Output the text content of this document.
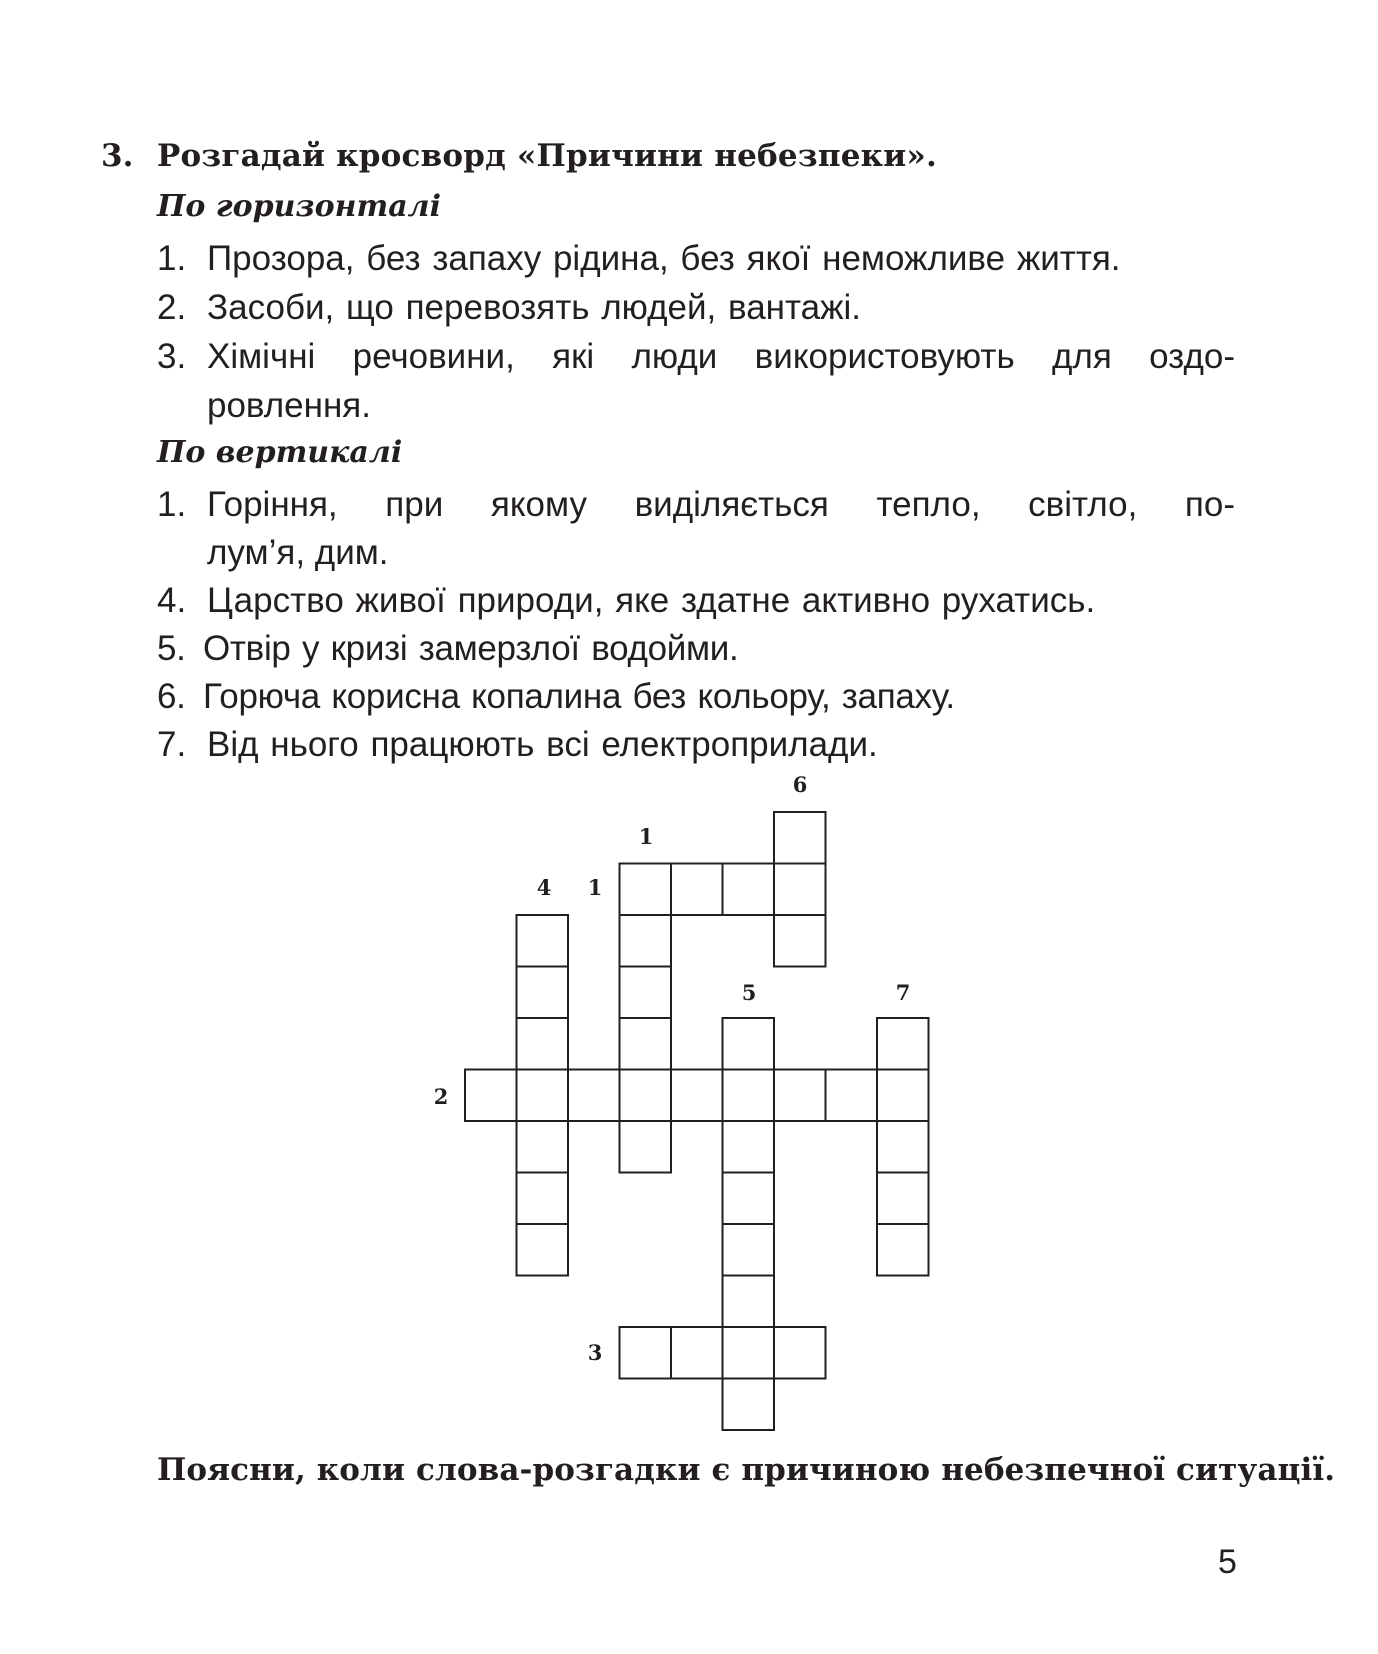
3. Розгадай кросворд «Причини небезпеки».
По горизонталі
1. Прозора, без запаху рідина, без якої неможливе життя.
2. Засоби, що перевозять людей, вантажі.
3. Хімічні речовини, які люди використовують для оздо-
ровлення.
По вертикалі
1. Горіння, при якому виділяється тепло, світло, по-
лум’я, дим.
4. Царство живої природи, яке здатне активно рухатись.
5. Отвір у кризі замерзлої водойми.
6. Горюча корисна копалина без кольору, запаху.
7. Від нього працюють всі електроприлади.
6
1
4 1
5	7
2
3
Поясни, коли слова-розгадки є причиною небезпечної ситуації.
5
